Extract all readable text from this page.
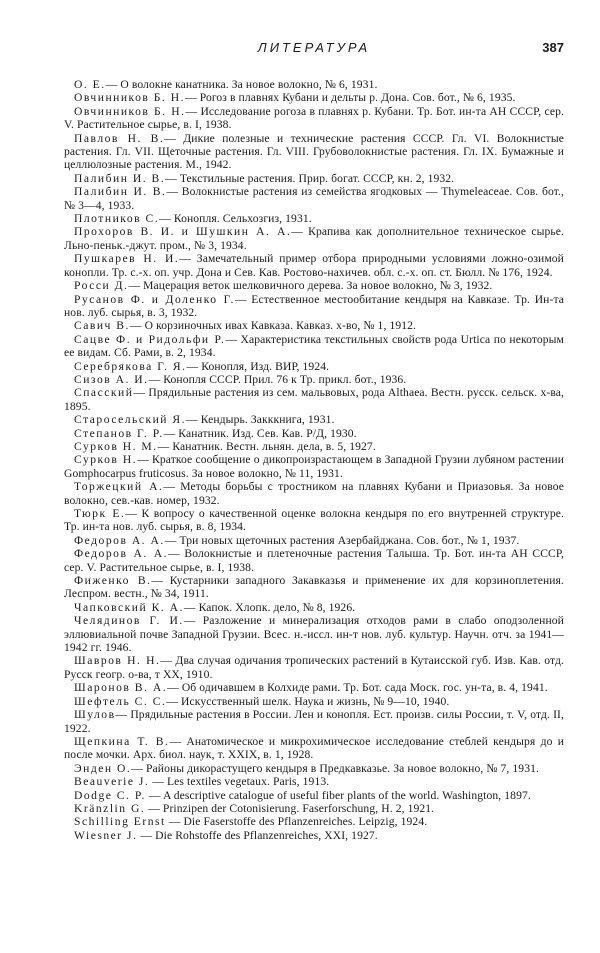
ЛИТЕРАТУРА	387

О. Е.— О волокне канатника. За новое волокно, № 6, 1931.

Овчинников Б. Н.— Рогоз в плавнях Кубани и дельты р. Дона. Сов. бот., № 6, 1935.

Овчинников Б. Н.— Исследование рогоза в плавнях р. Кубани. Тр. Бот. ин-та АН СССР, сер. V. Растительное сырье, в. I, 1938.

Павлов Н. В.— Дикие полезные и технические растения СССР. Гл. VI. Волокнистые растения. Гл. VII. Щеточные растения. Гл. VIII. Грубоволокнистые растения. Гл. IX. Бумажные и целлюлозные растения. М., 1942.

Палибин И. В.— Текстильные растения. Прир. богат. СССР, кн. 2, 1932.

Палибин И. В.— Волокнистые растения из семейства ягодковых — Thymeleaceae. Сов. бот., № 3—4, 1933.

Плотников С.— Конопля. Сельхозгиз, 1931.

Прохоров В. И. и Шушкин А. А.— Крапива как дополнительное техническое сырье. Льно-пеньк.-джут. пром., № 3, 1934.

Пушкарев Н. И.— Замечательный пример отбора природными условиями ложно-озимой конопли. Тр. с.-х. оп. учр. Дона и Сев. Кав. Ростово-нахичев. обл. с.-х. оп. ст. Бюлл. № 176, 1924.

Росси Д.— Мацерация веток шелковичного дерева. За новое волокно, № 3, 1932.

Русанов Ф. и Доленко Г.— Естественное местообитание кендыря на Кавказе. Тр. Ин-та нов. луб. сырья, в. 3, 1932.

Савич В.— О корзиночных ивах Кавказа. Кавказ. х-во, № 1, 1912.

Сацве Ф. и Ридольфи Р.— Характеристика текстильных свойств рода Urtica по некоторым ее видам. Сб. Рами, в. 2, 1934.

Серебрякова Г. Я.— Конопля, Изд. ВИР, 1924.

Сизов А. И.— Конопля СССР. Прил. 76 к Тр. прикл. бот., 1936.

Спасский— Прядильные растения из сем. мальвовых, рода Althaea. Вестн. русск. сельск. х-ва, 1895.

Старосельский Я.— Кендырь. Закккнига, 1931.

Степанов Г. Р.— Канатник. Изд. Сев. Кав. Р/Д, 1930.

Сурков Н. М.— Канатник. Вестн. льнян. дела, в. 5, 1927.

Сурков Н.— Краткое сообщение о дикопроизрастающем в Западной Грузии лубяном растении Gomphocarpus fruticosus. За новое волокно, № 11, 1931.

Торжецкий А.— Методы борьбы с тростником на плавнях Кубани и Приазовья. За новое волокно, сев.-кав. номер, 1932.

Тюрк Е.— К вопросу о качественной оценке волокна кендыря по его внутренней структуре. Тр. ин-та нов. луб. сырья, в. 8, 1934.

Федоров А. А.— Три новых щеточных растения Азербайджана. Сов. бот., № 1, 1937.

Федоров А. А.— Волокнистые и плетеночные растения Талыша. Тр. Бот. ин-та АН СССР, сер. V. Растительное сырье, в. I, 1938.

Фиженко В.— Кустарники западного Закавказья и применение их для корзиноплетения. Леспром. вестн., № 34, 1911.

Чапковский К. А.— Капок. Хлопк. дело, № 8, 1926.

Челядинов Г. И.— Разложение и минерализация отходов рами в слабо оподзоленной эллювиальной почве Западной Грузии. Всес. н.-иссл. ин-т нов. луб. культур. Научн. отч. за 1941—1942 гг. 1946.

Шавров Н. Н.— Два случая одичания тропических растений в Кутаисской губ. Изв. Кав. отд. Русск геогр. о-ва, т XX, 1910.

Шаронов В. А.— Об одичавшем в Колхиде рами. Тр. Бот. сада Моск. гос. ун-та, в. 4, 1941.

Шефтель С. С.— Искусственный шелк. Наука и жизнь, № 9—10, 1940.

Шулов— Прядильные растения в России. Лен и конопля. Ест. произв. силы России, т. V, отд. II, 1922.

Щепкина Т. В.— Анатомическое и микрохимическое исследование стеблей кендыря до и после мочки. Арх. биол. наук, т. XXIX, в. 1, 1928.

Энден О.— Районы дикорастущего кендыря в Предкавказье. За новое волокно, № 7, 1931.

Beauverie J. — Les textiles vegetaux. Paris, 1913.

Dodge C. P. — A descriptive catalogue of useful fiber plants of the world. Washington, 1897.

Kränzlin G. — Prinzipen der Cotonisierung. Faserforschung, H. 2, 1921.

Schilling Ernst — Die Faserstoffe des Pflanzenreiches. Leipzig, 1924.

Wiesner J. — Die Rohstoffe des Pflanzenreiches, XXI, 1927.
